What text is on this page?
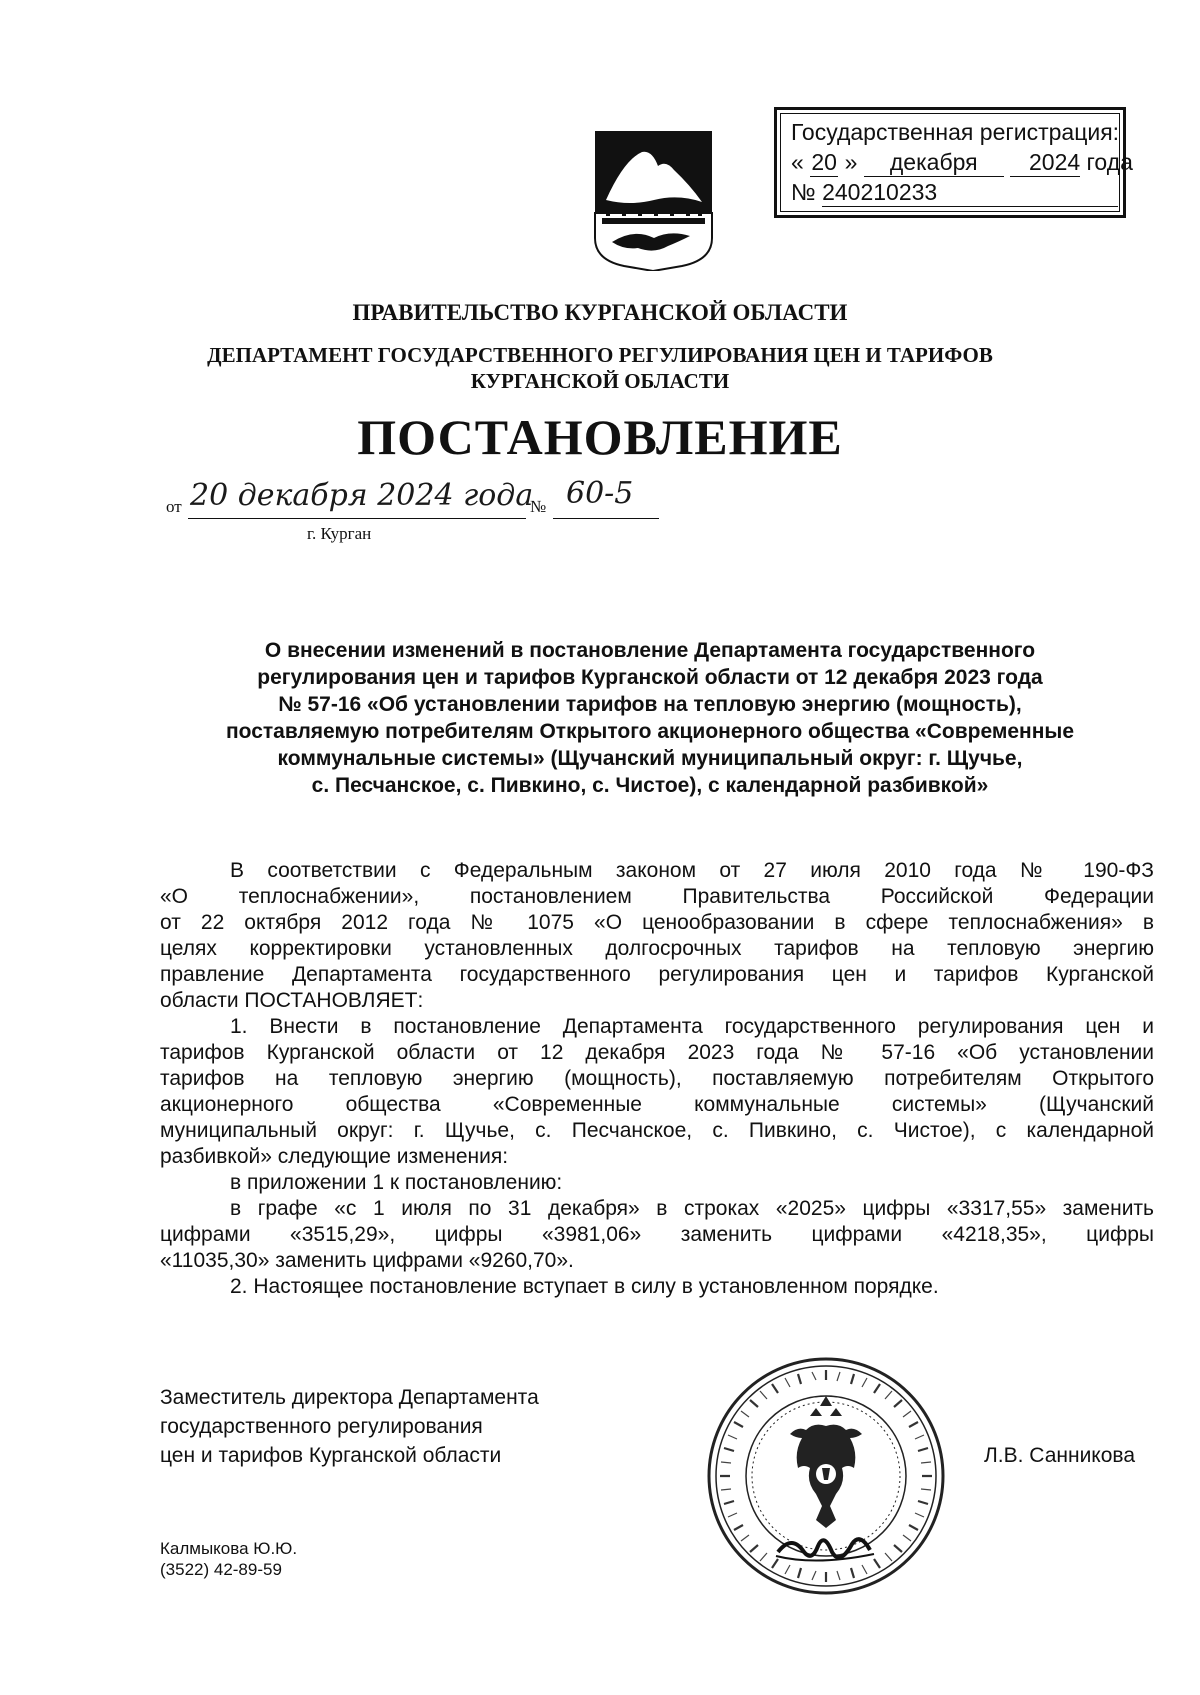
Государственная регистрация:
« 20 » декабря 2024 года
№ 240210233
ПРАВИТЕЛЬСТВО КУРГАНСКОЙ ОБЛАСТИ
ДЕПАРТАМЕНТ ГОСУДАРСТВЕННОГО РЕГУЛИРОВАНИЯ ЦЕН И ТАРИФОВ
КУРГАНСКОЙ ОБЛАСТИ
ПОСТАНОВЛЕНИЕ
от 20 декабря 2024 года
№ 60-5
г. Курган
О внесении изменений в постановление Департамента государственного
регулирования цен и тарифов Курганской области от 12 декабря 2023 года
№ 57-16 «Об установлении тарифов на тепловую энергию (мощность),
поставляемую потребителям Открытого акционерного общества «Современные
коммунальные системы» (Щучанский муниципальный округ: г. Щучье,
с. Песчанское, с. Пивкино, с. Чистое), с календарной разбивкой»
В соответствии с Федеральным законом от 27 июля 2010 года № 190-ФЗ
«О теплоснабжении», постановлением Правительства Российской Федерации
от 22 октября 2012 года № 1075 «О ценообразовании в сфере теплоснабжения» в
целях корректировки установленных долгосрочных тарифов на тепловую энергию
правление Департамента государственного регулирования цен и тарифов Курганской
области ПОСТАНОВЛЯЕТ:
1. Внести в постановление Департамента государственного регулирования цен и
тарифов Курганской области от 12 декабря 2023 года № 57-16 «Об установлении
тарифов на тепловую энергию (мощность), поставляемую потребителям Открытого
акционерного общества «Современные коммунальные системы» (Щучанский
муниципальный округ: г. Щучье, с. Песчанское, с. Пивкино, с. Чистое), с календарной
разбивкой» следующие изменения:
в приложении 1 к постановлению:
в графе «с 1 июля по 31 декабря» в строках «2025» цифры «3317,55» заменить
цифрами «3515,29», цифры «3981,06» заменить цифрами «4218,35», цифры
«11035,30» заменить цифрами «9260,70».
2. Настоящее постановление вступает в силу в установленном порядке.
Заместитель директора Департамента
государственного регулирования
цен и тарифов Курганской области	Л.В. Санникова
Калмыкова Ю.Ю.
(3522) 42-89-59
